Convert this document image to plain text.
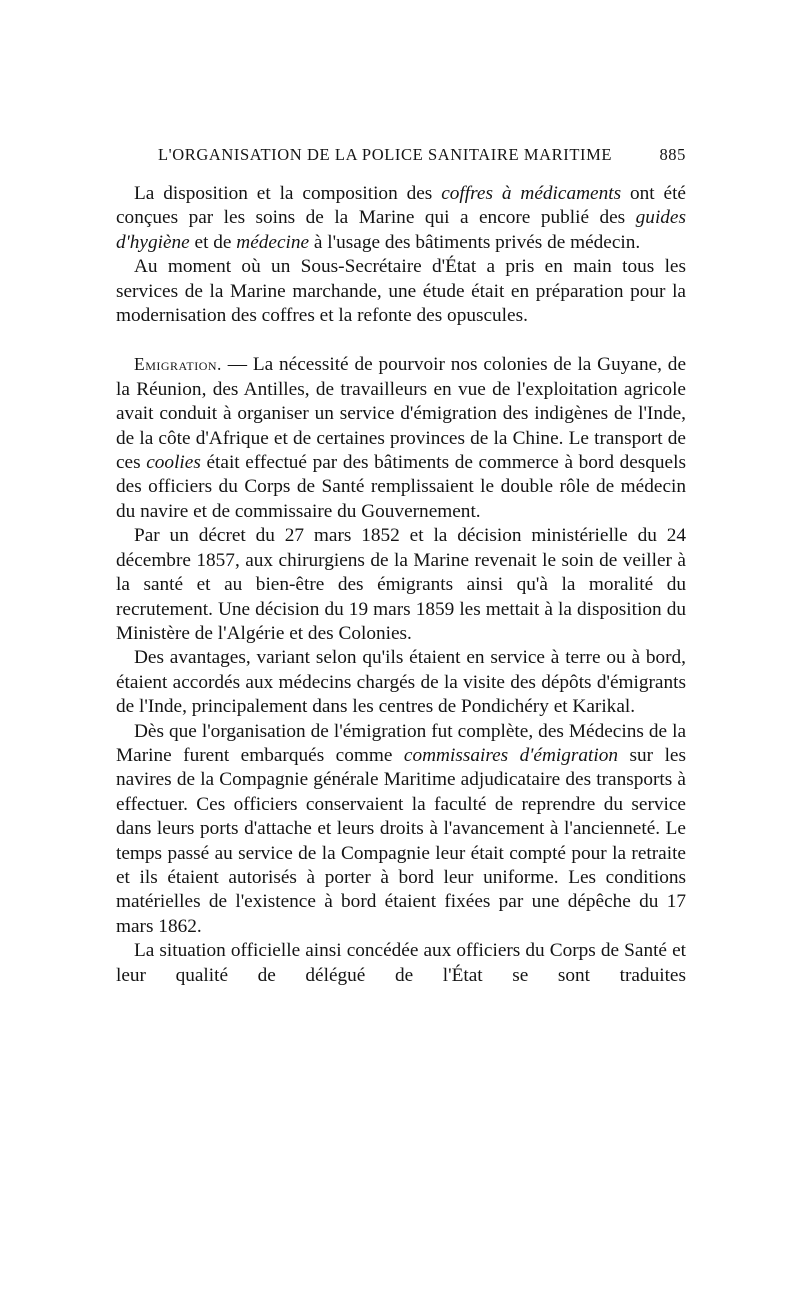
L'ORGANISATION DE LA POLICE SANITAIRE MARITIME	885

La disposition et la composition des coffres à médicaments ont été conçues par les soins de la Marine qui a encore publié des guides d'hygiène et de médecine à l'usage des bâtiments privés de médecin.

Au moment où un Sous-Secrétaire d'État a pris en main tous les services de la Marine marchande, une étude était en préparation pour la modernisation des coffres et la refonte des opuscules.

Emigration. — La nécessité de pourvoir nos colonies de la Guyane, de la Réunion, des Antilles, de travailleurs en vue de l'exploitation agricole avait conduit à organiser un service d'émigration des indigènes de l'Inde, de la côte d'Afrique et de certaines provinces de la Chine. Le transport de ces coolies était effectué par des bâtiments de commerce à bord desquels des officiers du Corps de Santé remplissaient le double rôle de médecin du navire et de commissaire du Gouvernement.

Par un décret du 27 mars 1852 et la décision ministérielle du 24 décembre 1857, aux chirurgiens de la Marine revenait le soin de veiller à la santé et au bien-être des émigrants ainsi qu'à la moralité du recrutement. Une décision du 19 mars 1859 les mettait à la disposition du Ministère de l'Algérie et des Colonies.

Des avantages, variant selon qu'ils étaient en service à terre ou à bord, étaient accordés aux médecins chargés de la visite des dépôts d'émigrants de l'Inde, principalement dans les centres de Pondichéry et Karikal.

Dès que l'organisation de l'émigration fut complète, des Médecins de la Marine furent embarqués comme commissaires d'émigration sur les navires de la Compagnie générale Maritime adjudicataire des transports à effectuer. Ces officiers conservaient la faculté de reprendre du service dans leurs ports d'attache et leurs droits à l'avancement à l'ancienneté. Le temps passé au service de la Compagnie leur était compté pour la retraite et ils étaient autorisés à porter à bord leur uniforme. Les conditions matérielles de l'existence à bord étaient fixées par une dépêche du 17 mars 1862.

La situation officielle ainsi concédée aux officiers du Corps de Santé et leur qualité de délégué de l'État se sont traduites
